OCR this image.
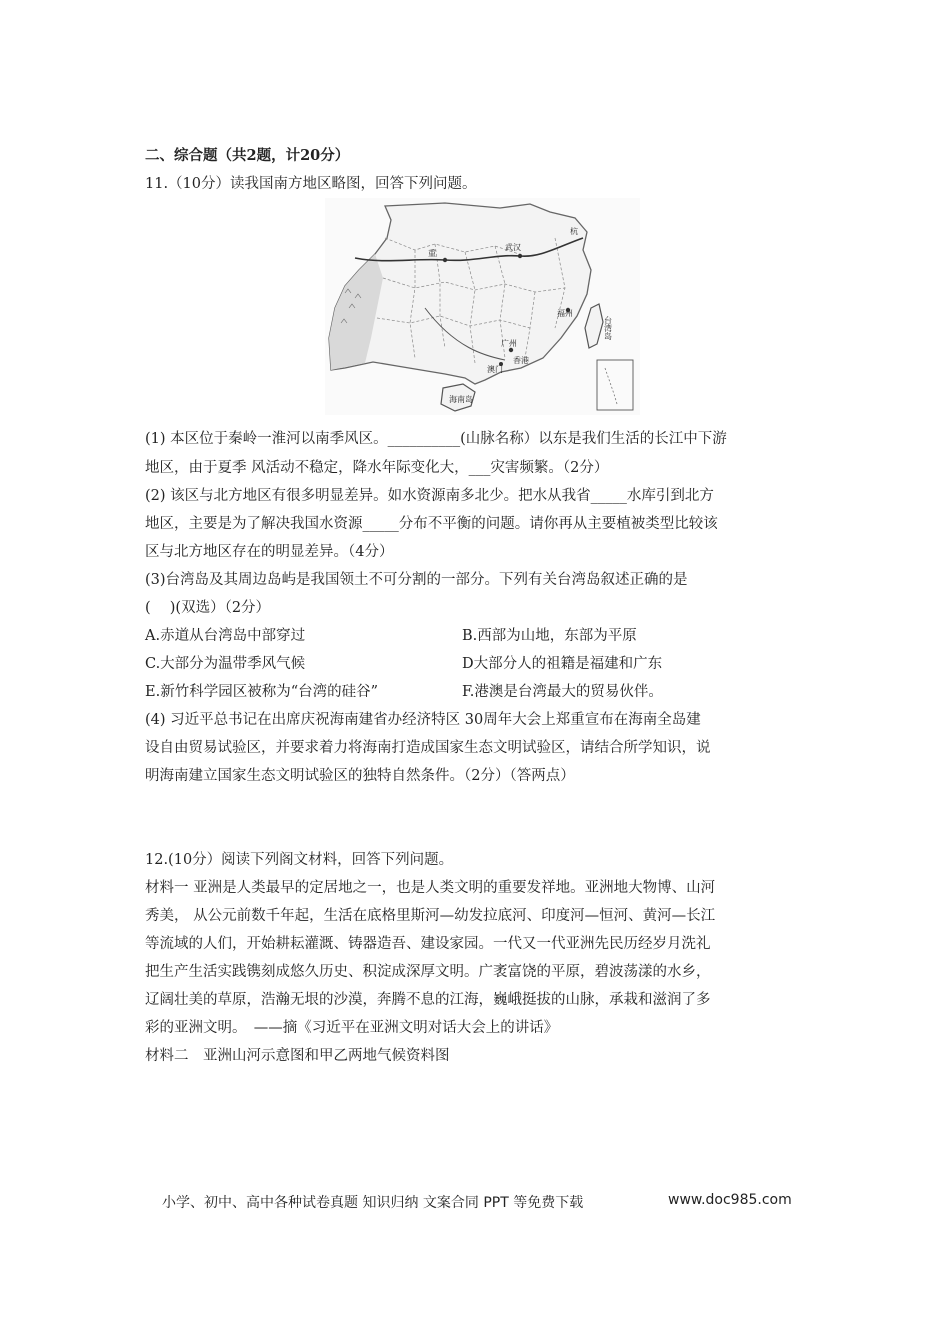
二、综合题（共2题，计20分）
11.（10分）读我国南方地区略图，回答下列问题。
重
武汉
杭
福州
台湾岛
广州
香港
澳门
海南岛
(1) 本区位于秦岭一淮河以南季风区。__________(山脉名称）以东是我们生活的长江中下游
地区，由于夏季 风活动不稳定，降水年际变化大，___灾害频繁。（2分）
(2) 该区与北方地区有很多明显差异。如水资源南多北少。把水从我省_____水库引到北方
地区，主要是为了解决我国水资源_____分布不平衡的问题。请你再从主要植被类型比较该
区与北方地区存在的明显差异。（4分）
(3)台湾岛及其周边岛屿是我国领土不可分割的一部分。下列有关台湾岛叙述正确的是
(　 )(双选）（2分）
A.赤道从台湾岛中部穿过	B.西部为山地，东部为平原
C.大部分为温带季风气候	D大部分人的祖籍是福建和广东
E.新竹科学园区被称为“台湾的硅谷”	F.港澳是台湾最大的贸易伙伴。
(4) 习近平总书记在出席庆祝海南建省办经济特区 30周年大会上郑重宣布在海南全岛建
设自由贸易试验区，并要求着力将海南打造成国家生态文明试验区，请结合所学知识，说
明海南建立国家生态文明试验区的独特自然条件。（2分）（答两点）
12.(10分）阅读下列阁文材料，回答下列问题。
材料一 亚洲是人类最早的定居地之一，也是人类文明的重要发祥地。亚洲地大物博、山河
秀美， 从公元前数千年起，生活在底格里斯河—幼发拉底河、印度河—恒河、黄河—长江
等流域的人们，开始耕耘灌溉、铸器造吾、建设家园。一代又一代亚洲先民历经岁月洗礼
把生产生活实践镌刻成悠久历史、积淀成深厚文明。广袤富饶的平原，碧波荡漾的水乡，
辽阔壮美的草原，浩瀚无垠的沙漠，奔腾不息的江海，巍峨挺拔的山脉，承栽和滋润了多
彩的亚洲文明。　——摘《习近平在亚洲文明对话大会上的讲话》
材料二　亚洲山河示意图和甲乙两地气候资料图
小学、初中、高中各种试卷真题 知识归纳 文案合同 PPT 等免费下载	www.doc985.com
